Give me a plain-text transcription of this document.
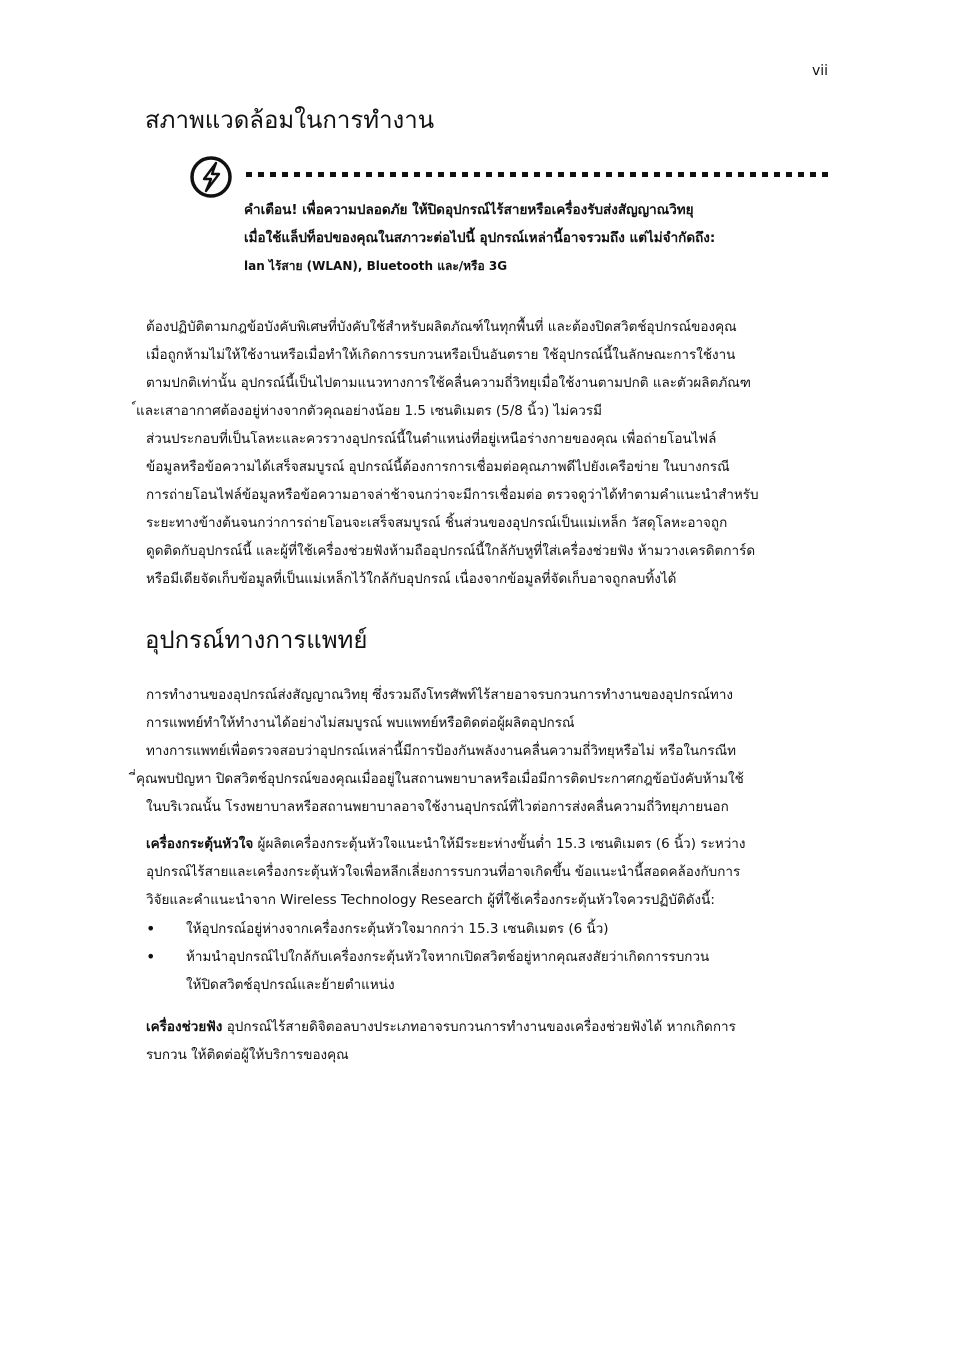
vii
สภาพแวดล้อมในการทำงาน
คำเตือน! เพื่อความปลอดภัย ให้ปิดอุปกรณ์ไร้สายหรือเครื่องรับส่งสัญญาณวิทยุ
เมื่อใช้แล็ปท็อปของคุณในสภาวะต่อไปนี้ อุปกรณ์เหล่านี้อาจรวมถึง แต่ไม่จำกัดถึง:
lan ไร้สาย (WLAN), Bluetooth และ/หรือ 3G
ต้องปฏิบัติตามกฎข้อบังคับพิเศษที่บังคับใช้สำหรับผลิตภัณฑ์ในทุกพื้นที่ และต้องปิดสวิตช์อุปกรณ์ของคุณ
เมื่อถูกห้ามไม่ให้ใช้งานหรือเมื่อทำให้เกิดการรบกวนหรือเป็นอันตราย ใช้อุปกรณ์นี้ในลักษณะการใช้งาน
ตามปกติเท่านั้น อุปกรณ์นี้เป็นไปตามแนวทางการใช้คลื่นความถี่วิทยุเมื่อใช้งานตามปกติ และตัวผลิตภัณฑ
์และเสาอากาศต้องอยู่ห่างจากตัวคุณอย่างน้อย 1.5 เซนติเมตร (5/8 นิ้ว) ไม่ควรมี
ส่วนประกอบที่เป็นโลหะและควรวางอุปกรณ์นี้ในตำแหน่งที่อยู่เหนือร่างกายของคุณ เพื่อถ่ายโอนไฟล์
ข้อมูลหรือข้อความได้เสร็จสมบูรณ์ อุปกรณ์นี้ต้องการการเชื่อมต่อคุณภาพดีไปยังเครือข่าย ในบางกรณี
การถ่ายโอนไฟล์ข้อมูลหรือข้อความอาจล่าช้าจนกว่าจะมีการเชื่อมต่อ ตรวจดูว่าได้ทำตามคำแนะนำสำหรับ
ระยะทางข้างต้นจนกว่าการถ่ายโอนจะเสร็จสมบูรณ์ ชิ้นส่วนของอุปกรณ์เป็นแม่เหล็ก วัสดุโลหะอาจถูก
ดูดติดกับอุปกรณ์นี้ และผู้ที่ใช้เครื่องช่วยฟังห้ามถืออุปกรณ์นี้ใกล้กับหูที่ใส่เครื่องช่วยฟัง ห้ามวางเครดิตการ์ด
หรือมีเดียจัดเก็บข้อมูลที่เป็นแม่เหล็กไว้ใกล้กับอุปกรณ์ เนื่องจากข้อมูลที่จัดเก็บอาจถูกลบทิ้งได้
อุปกรณ์ทางการแพทย์
การทำงานของอุปกรณ์ส่งสัญญาณวิทยุ ซึ่งรวมถึงโทรศัพท์ไร้สายอาจรบกวนการทำงานของอุปกรณ์ทาง
การแพทย์ทำให้ทำงานได้อย่างไม่สมบูรณ์ พบแพทย์หรือติดต่อผู้ผลิตอุปกรณ์
ทางการแพทย์เพื่อตรวจสอบว่าอุปกรณ์เหล่านี้มีการป้องกันพลังงานคลื่นความถี่วิทยุหรือไม่ หรือในกรณีท
ี่คุณพบปัญหา ปิดสวิตช์อุปกรณ์ของคุณเมื่ออยู่ในสถานพยาบาลหรือเมื่อมีการติดประกาศกฎข้อบังคับห้ามใช้
ในบริเวณนั้น โรงพยาบาลหรือสถานพยาบาลอาจใช้งานอุปกรณ์ที่ไวต่อการส่งคลื่นความถี่วิทยุภายนอก
เครื่องกระตุ้นหัวใจ ผู้ผลิตเครื่องกระตุ้นหัวใจแนะนำให้มีระยะห่างขั้นต่ำ 15.3 เซนติเมตร (6 นิ้ว) ระหว่าง
อุปกรณ์ไร้สายและเครื่องกระตุ้นหัวใจเพื่อหลีกเลี่ยงการรบกวนที่อาจเกิดขึ้น ข้อแนะนำนี้สอดคล้องกับการ
วิจัยและคำแนะนำจาก Wireless Technology Research ผู้ที่ใช้เครื่องกระตุ้นหัวใจควรปฏิบัติดังนี้:
• ให้อุปกรณ์อยู่ห่างจากเครื่องกระตุ้นหัวใจมากกว่า 15.3 เซนติเมตร (6 นิ้ว)
• ห้ามนำอุปกรณ์ไปใกล้กับเครื่องกระตุ้นหัวใจหากเปิดสวิตช์อยู่หากคุณสงสัยว่าเกิดการรบกวน
ให้ปิดสวิตช์อุปกรณ์และย้ายตำแหน่ง
เครื่องช่วยฟัง อุปกรณ์ไร้สายดิจิตอลบางประเภทอาจรบกวนการทำงานของเครื่องช่วยฟังได้ หากเกิดการ
รบกวน ให้ติดต่อผู้ให้บริการของคุณ
